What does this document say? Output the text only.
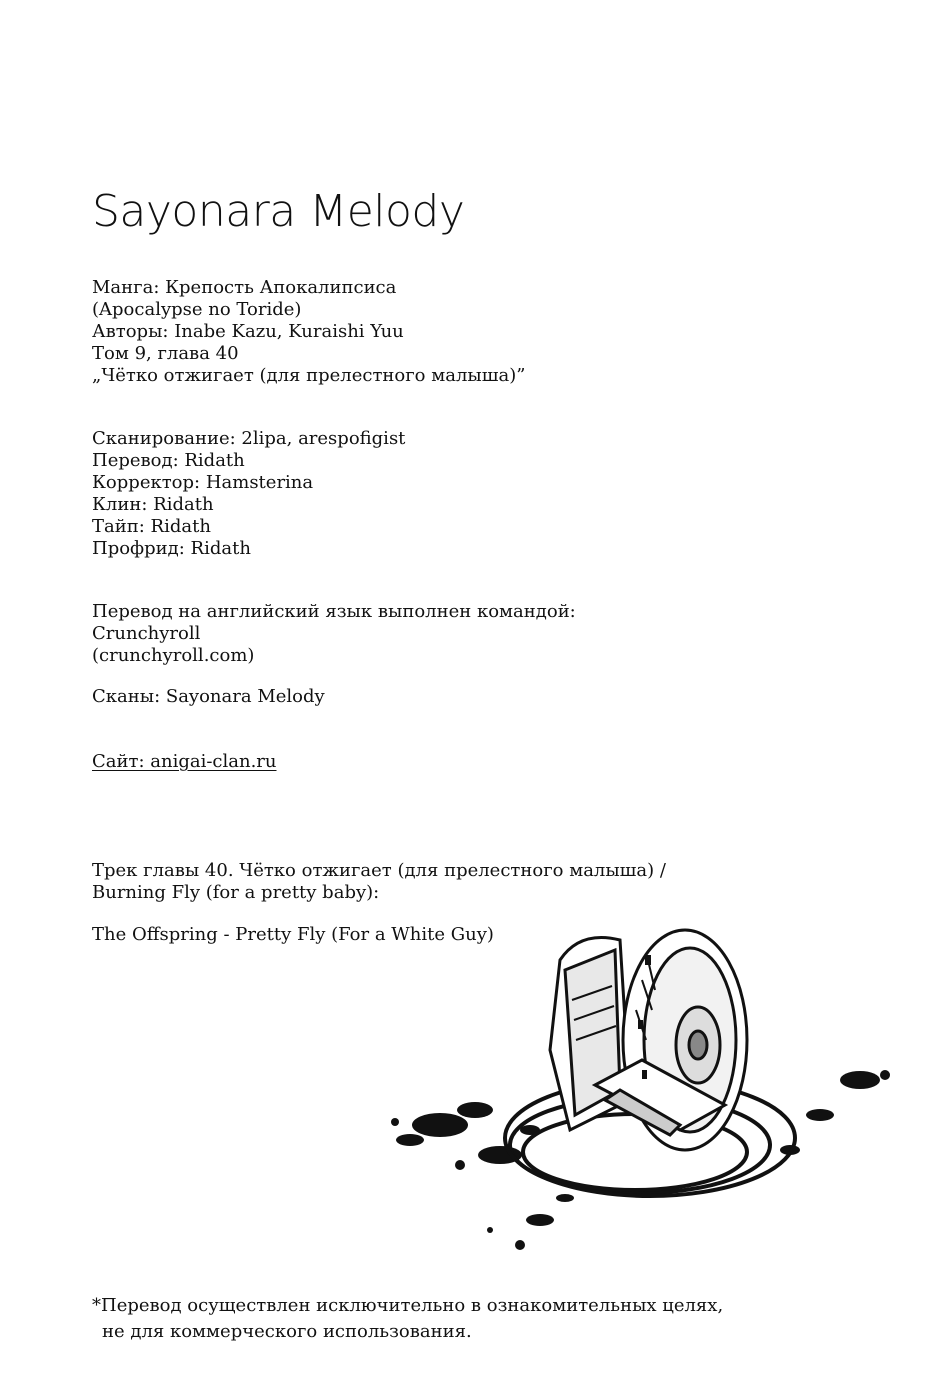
Sayonara Melody
Манга: Крепость Апокалипсиса
(Apocalypse no Toride)
Авторы: Inabe Kazu, Kuraishi Yuu
Том 9, глава 40
„Чётко отжигает (для прелестного малыша)”
Сканирование: 2lipa, arespofigist
Перевод: Ridath
Корректор: Hamsterina
Клин: Ridath
Тайп: Ridath
Профрид: Ridath
Перевод на английский язык выполнен командой:
Crunchyroll
(crunchyroll.com)

Сканы: Sayonara Melody

Сайт: anigai-clan.ru

Трек главы 40. Чётко отжигает (для прелестного малыша) /
Burning Fly (for a pretty baby):

The Offspring - Pretty Fly (For a White Guy)

*Перевод осуществлен исключительно в ознакомительных целях,
не для коммерческого использования.
